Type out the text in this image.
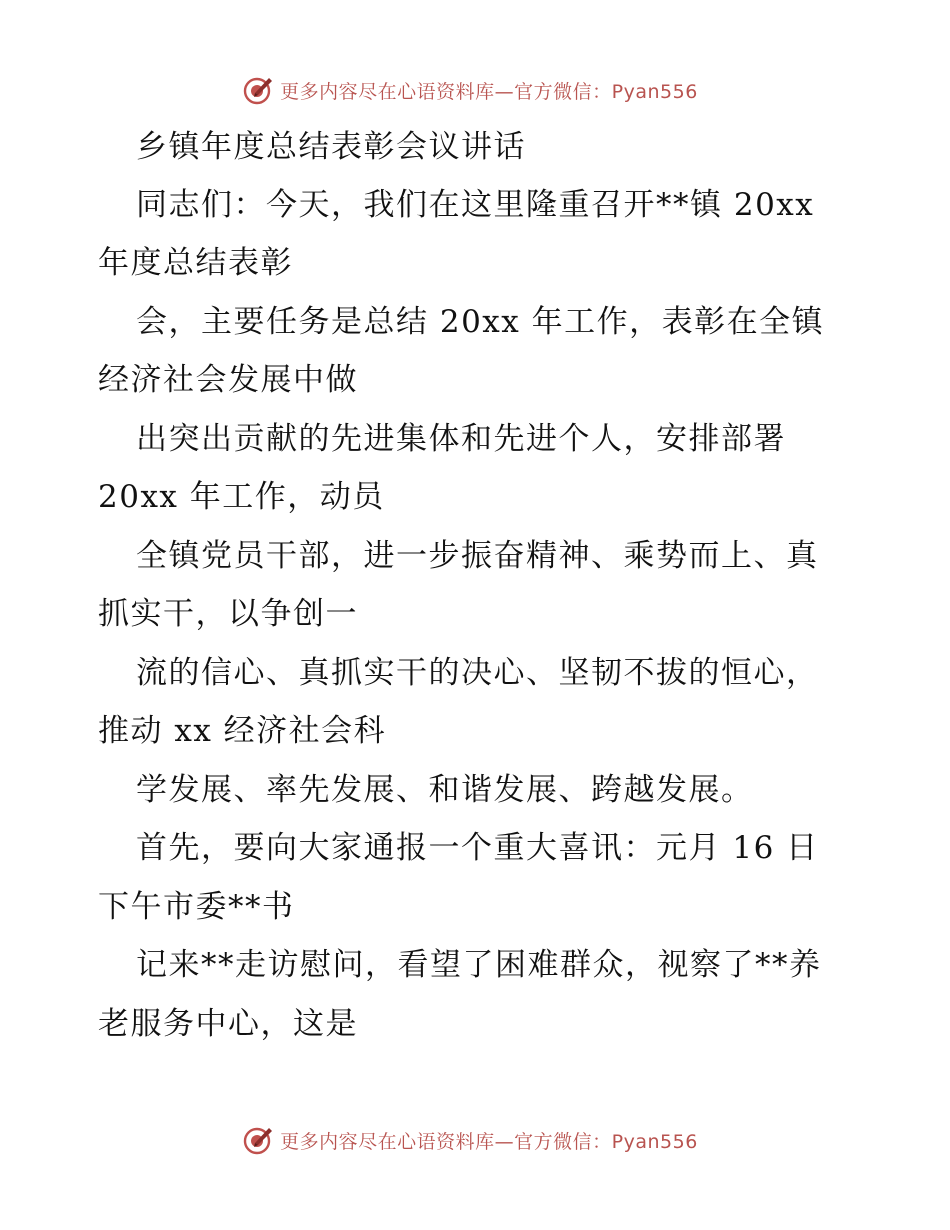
更多内容尽在心语资料库—官方微信：Pyan556
乡镇年度总结表彰会议讲话
同志们：今天，我们在这里隆重召开**镇 20xx
年度总结表彰
会，主要任务是总结 20xx 年工作，表彰在全镇
经济社会发展中做
出突出贡献的先进集体和先进个人，安排部署
20xx 年工作，动员
全镇党员干部，进一步振奋精神、乘势而上、真
抓实干，以争创一
流的信心、真抓实干的决心、坚韧不拔的恒心，
推动 xx 经济社会科
学发展、率先发展、和谐发展、跨越发展。
首先，要向大家通报一个重大喜讯：元月 16 日
下午市委**书
记来**走访慰问，看望了困难群众，视察了**养
老服务中心，这是
更多内容尽在心语资料库—官方微信：Pyan556
